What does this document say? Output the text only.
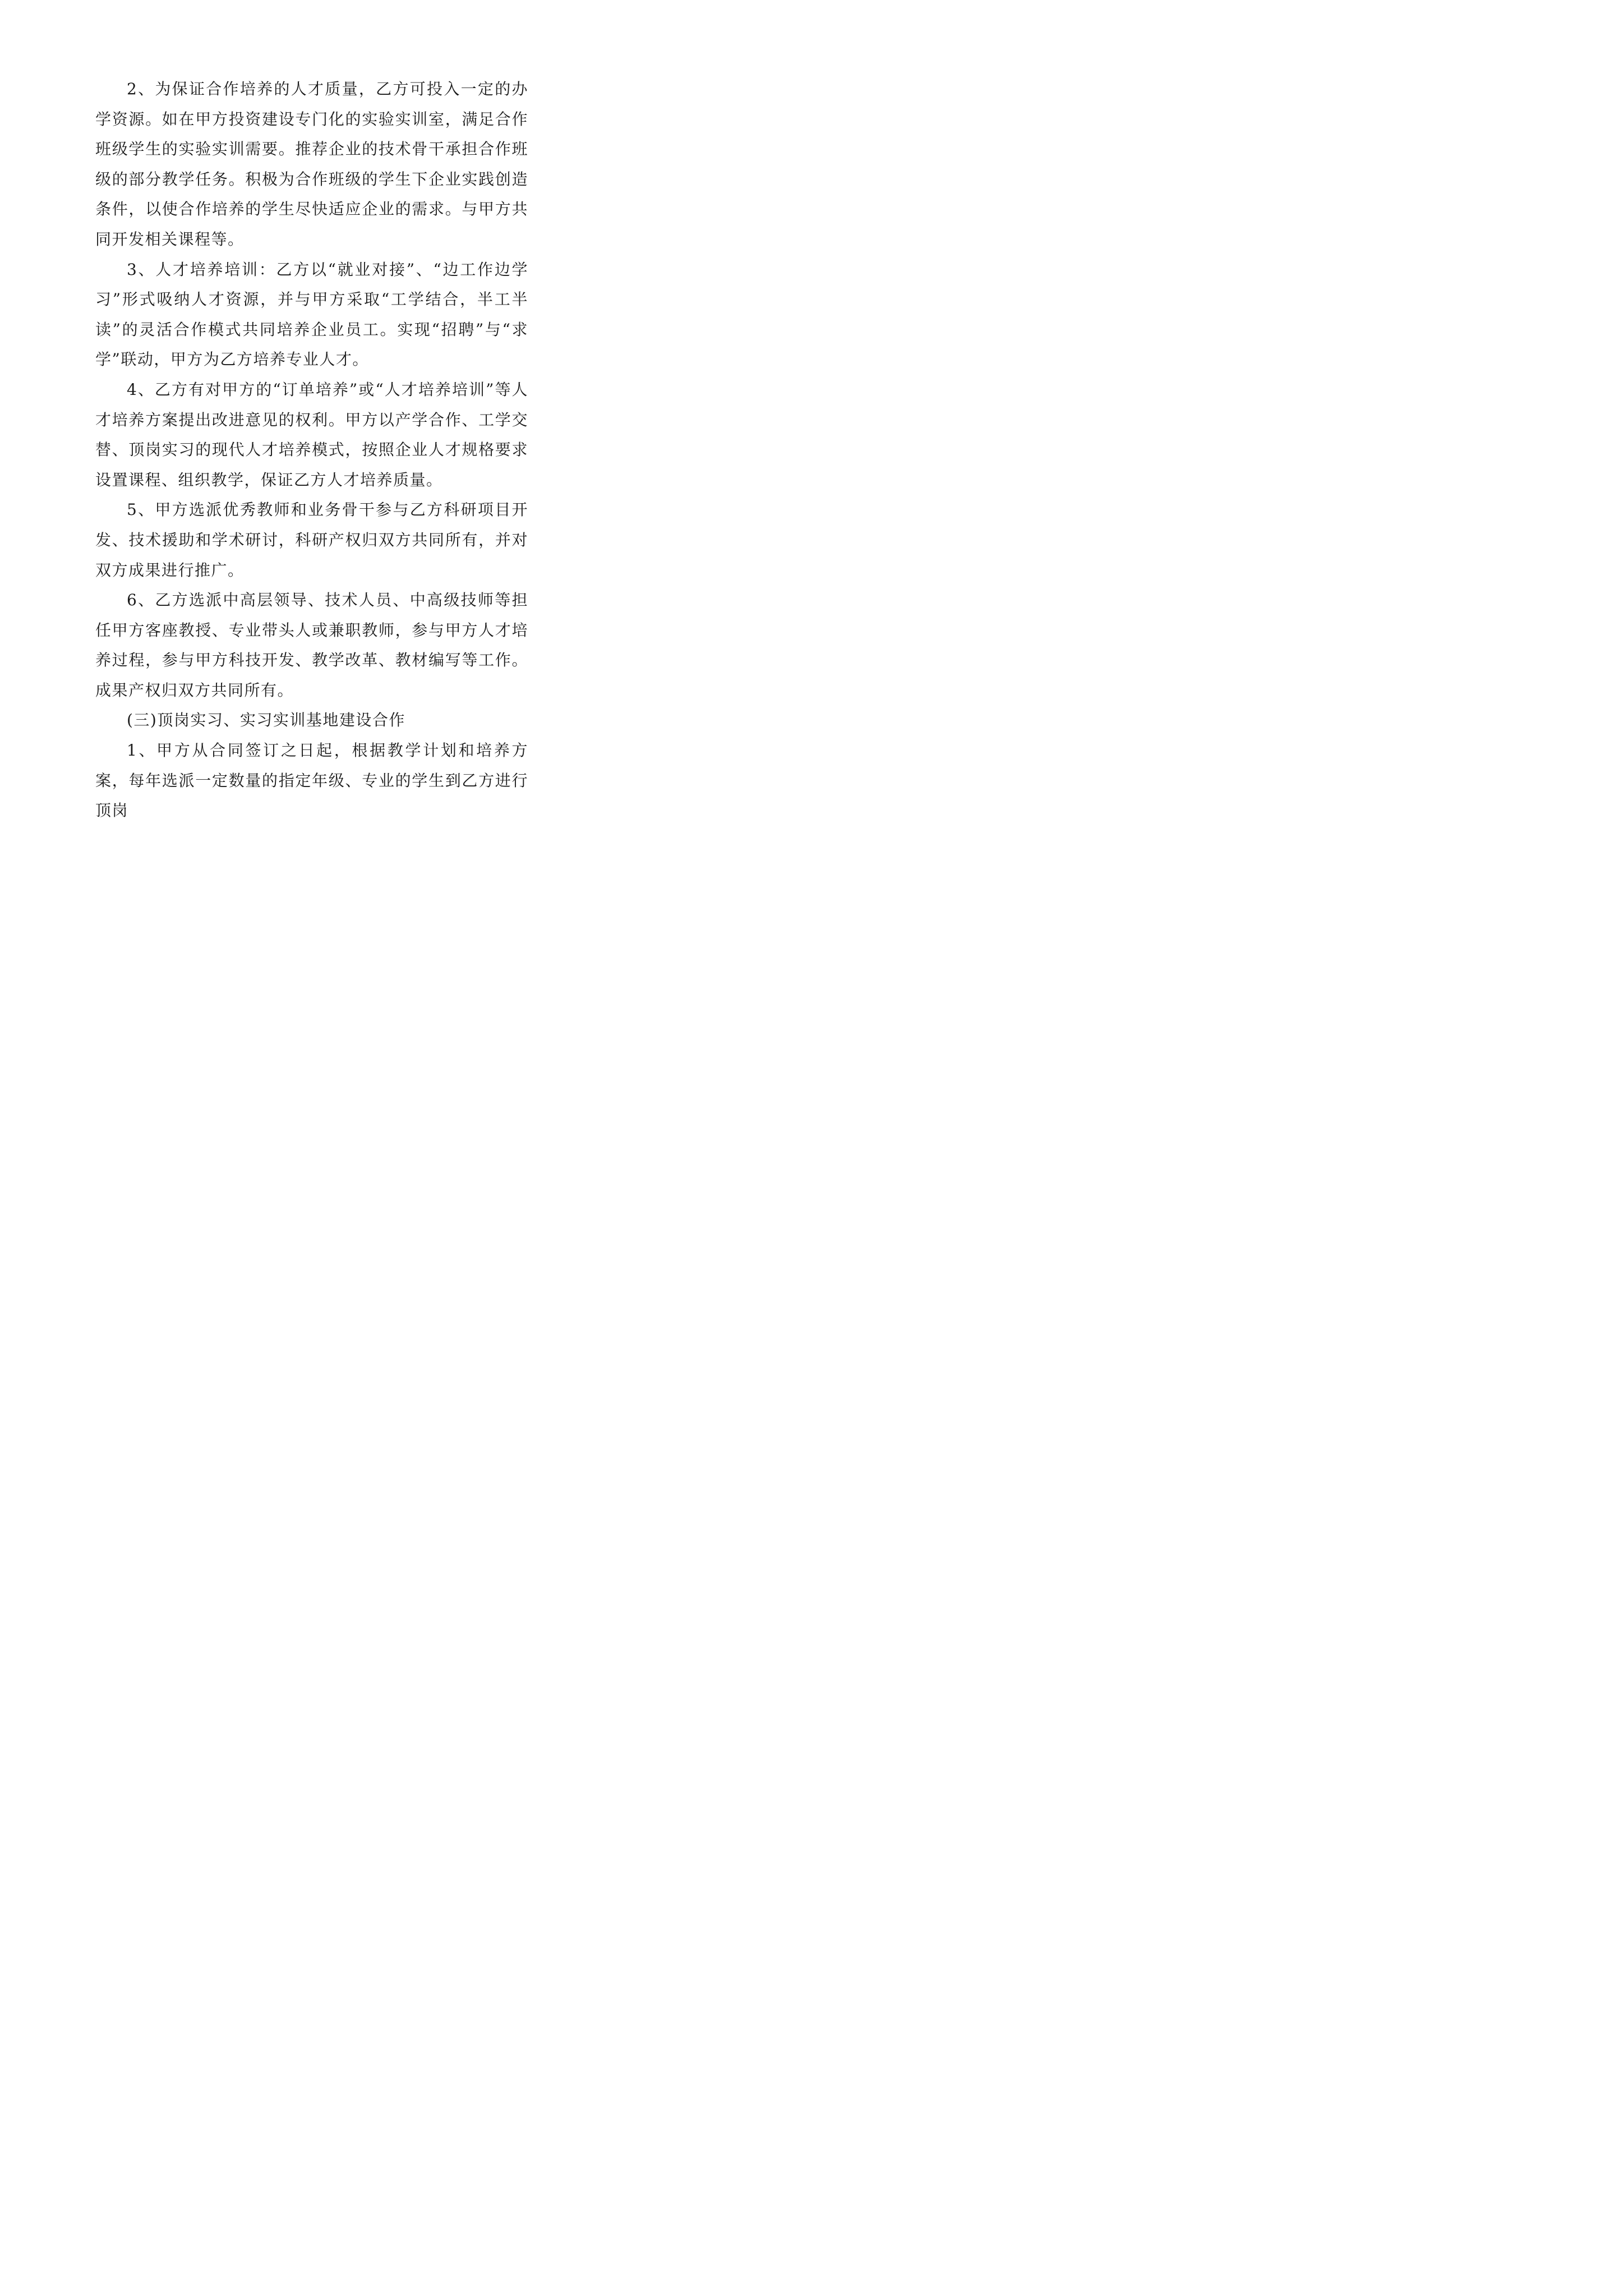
2、为保证合作培养的人才质量，乙方可投入一定的办学资源。如在甲方投资建设专门化的实验实训室，满足合作班级学生的实验实训需要。推荐企业的技术骨干承担合作班级的部分教学任务。积极为合作班级的学生下企业实践创造条件，以使合作培养的学生尽快适应企业的需求。与甲方共同开发相关课程等。

3、人才培养培训：乙方以“就业对接”、“边工作边学习”形式吸纳人才资源，并与甲方采取“工学结合，半工半读”的灵活合作模式共同培养企业员工。实现“招聘”与“求学”联动，甲方为乙方培养专业人才。

4、乙方有对甲方的“订单培养”或“人才培养培训”等人才培养方案提出改进意见的权利。甲方以产学合作、工学交替、顶岗实习的现代人才培养模式，按照企业人才规格要求设置课程、组织教学，保证乙方人才培养质量。

5、甲方选派优秀教师和业务骨干参与乙方科研项目开发、技术援助和学术研讨，科研产权归双方共同所有，并对双方成果进行推广。

6、乙方选派中高层领导、技术人员、中高级技师等担任甲方客座教授、专业带头人或兼职教师，参与甲方人才培养过程，参与甲方科技开发、教学改革、教材编写等工作。成果产权归双方共同所有。

(三)顶岗实习、实习实训基地建设合作

1、甲方从合同签订之日起，根据教学计划和培养方案，每年选派一定数量的指定年级、专业的学生到乙方进行顶岗
